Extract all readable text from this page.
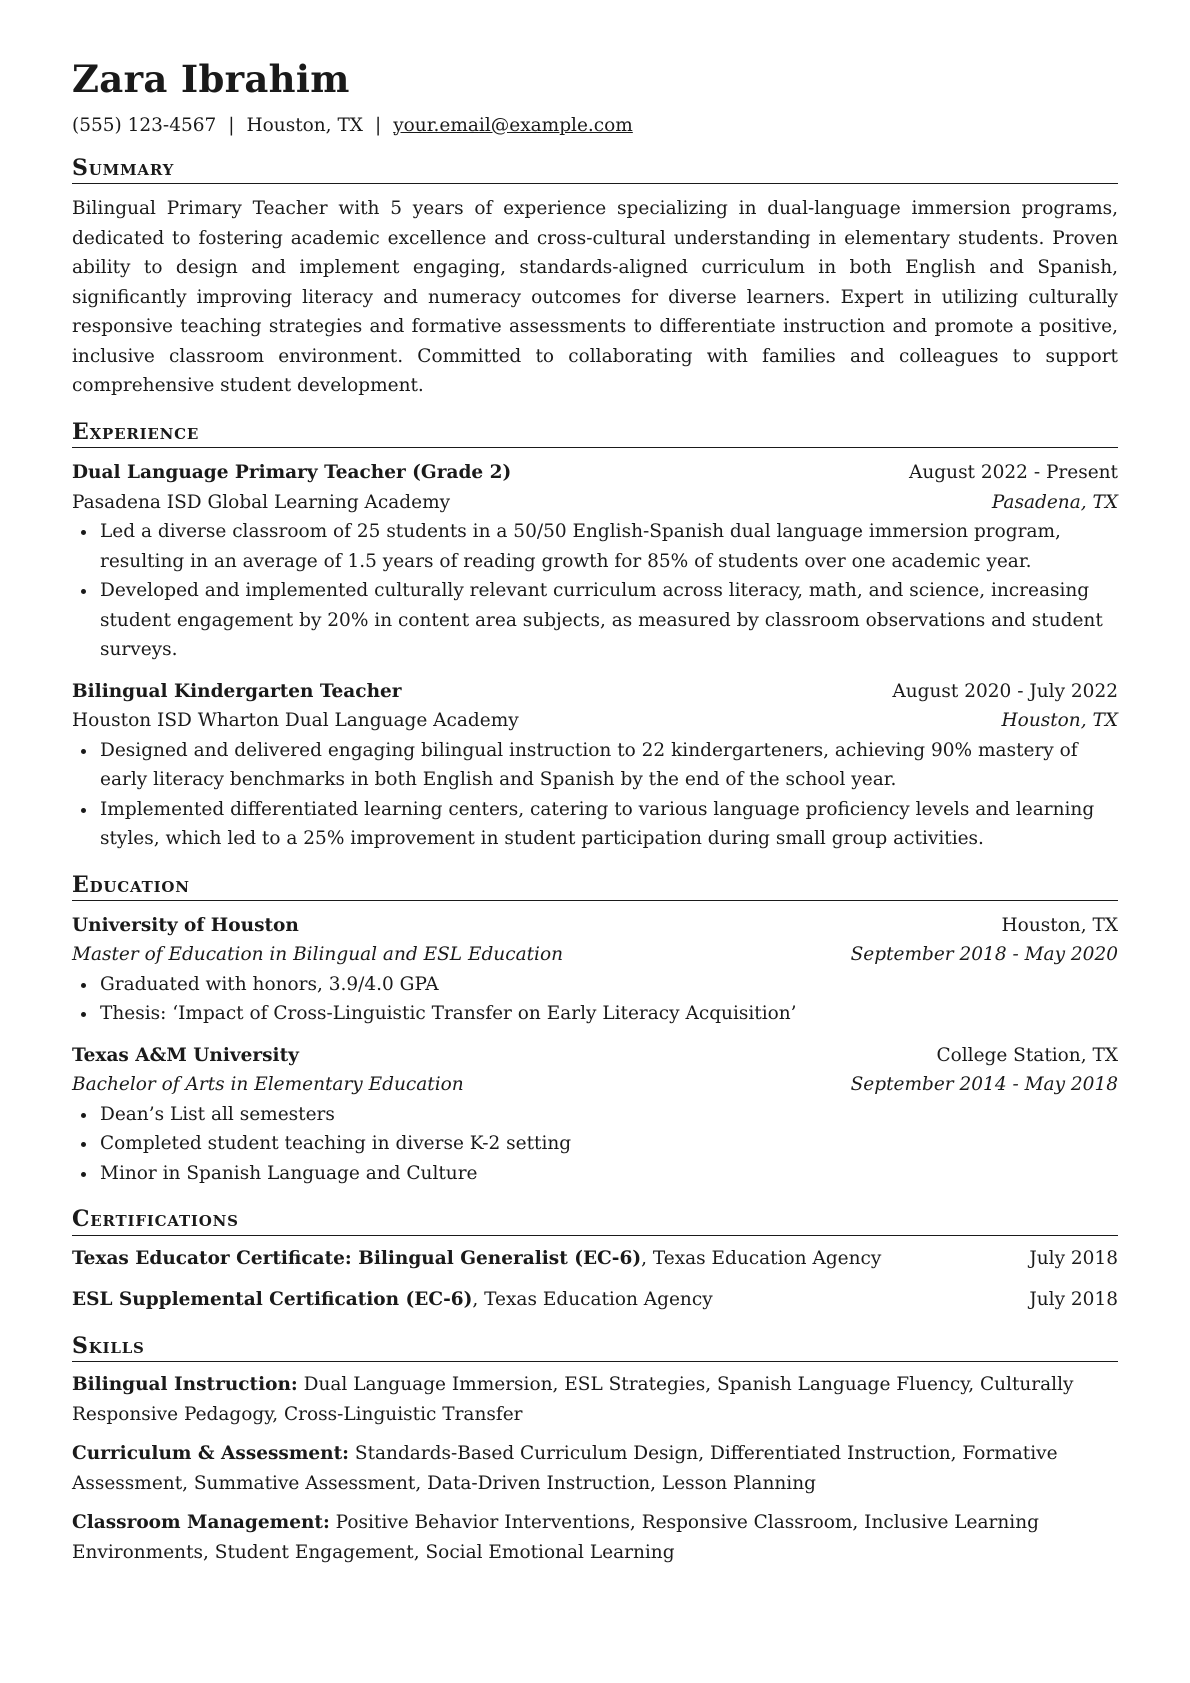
Zara Ibrahim
(555) 123-4567 | Houston, TX | your.email@example.com
Summary
Bilingual Primary Teacher with 5 years of experience specializing in dual-language immersion programs, dedicated to fostering academic excellence and cross-cultural understanding in elementary students. Proven ability to design and implement engaging, standards-aligned curriculum in both English and Spanish, significantly improving literacy and numeracy outcomes for diverse learners. Expert in utilizing culturally responsive teaching strategies and formative assessments to differentiate instruction and promote a positive, inclusive classroom environment. Committed to collaborating with families and colleagues to support comprehensive student development.
Experience
Dual Language Primary Teacher (Grade 2)	August 2022 - Present
Pasadena ISD Global Learning Academy	Pasadena, TX
Led a diverse classroom of 25 students in a 50/50 English-Spanish dual language immersion program, resulting in an average of 1.5 years of reading growth for 85% of students over one academic year.
Developed and implemented culturally relevant curriculum across literacy, math, and science, increasing student engagement by 20% in content area subjects, as measured by classroom observations and student surveys.
Bilingual Kindergarten Teacher	August 2020 - July 2022
Houston ISD Wharton Dual Language Academy	Houston, TX
Designed and delivered engaging bilingual instruction to 22 kindergarteners, achieving 90% mastery of early literacy benchmarks in both English and Spanish by the end of the school year.
Implemented differentiated learning centers, catering to various language proficiency levels and learning styles, which led to a 25% improvement in student participation during small group activities.
Education
University of Houston	Houston, TX
Master of Education in Bilingual and ESL Education	September 2018 - May 2020
Graduated with honors, 3.9/4.0 GPA
Thesis: ‘Impact of Cross-Linguistic Transfer on Early Literacy Acquisition’
Texas A&M University	College Station, TX
Bachelor of Arts in Elementary Education	September 2014 - May 2018
Dean’s List all semesters
Completed student teaching in diverse K-2 setting
Minor in Spanish Language and Culture
Certifications
Texas Educator Certificate: Bilingual Generalist (EC-6), Texas Education Agency	July 2018
ESL Supplemental Certification (EC-6), Texas Education Agency	July 2018
Skills
Bilingual Instruction: Dual Language Immersion, ESL Strategies, Spanish Language Fluency, Culturally Responsive Pedagogy, Cross-Linguistic Transfer
Curriculum & Assessment: Standards-Based Curriculum Design, Differentiated Instruction, Formative Assessment, Summative Assessment, Data-Driven Instruction, Lesson Planning
Classroom Management: Positive Behavior Interventions, Responsive Classroom, Inclusive Learning Environments, Student Engagement, Social Emotional Learning
